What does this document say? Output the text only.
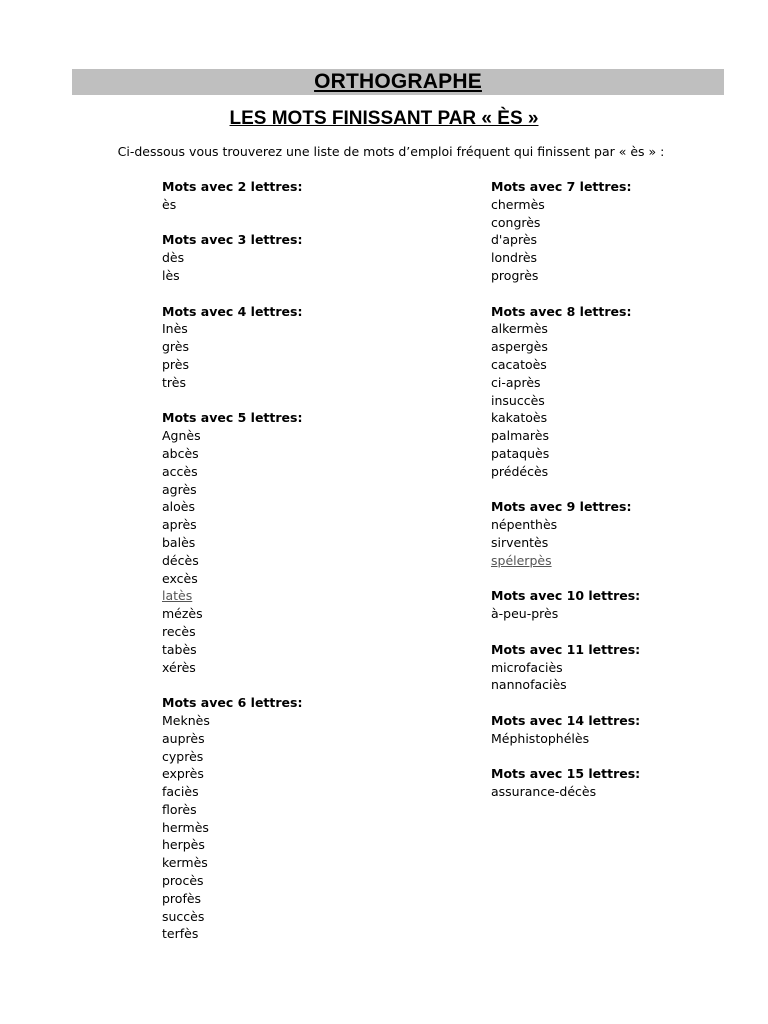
ORTHOGRAPHE
LES MOTS FINISSANT PAR « ÈS »
Ci-dessous vous trouverez une liste de mots d’emploi fréquent qui finissent par « ès » :
Mots avec 2 lettres:
ès
Mots avec 3 lettres:
dès
lès
Mots avec 4 lettres:
Inès
grès
près
très
Mots avec 5 lettres:
Agnès
abcès
accès
agrès
aloès
après
balès
décès
excès
latès
mézès
recès
tabès
xérès
Mots avec 6 lettres:
Meknès
auprès
cyprès
exprès
faciès
florès
hermès
herpès
kermès
procès
profès
succès
terfès
Mots avec 7 lettres:
chermès
congrès
d'après
londrès
progrès
Mots avec 8 lettres:
alkermès
aspergès
cacatoès
ci-après
insuccès
kakatoès
palmarès
pataquès
prédécès
Mots avec 9 lettres:
népenthès
sirventès
spélerpès
Mots avec 10 lettres:
à-peu-près
Mots avec 11 lettres:
microfaciès
nannofaciès
Mots avec 14 lettres:
Méphistophélès
Mots avec 15 lettres:
assurance-décès
